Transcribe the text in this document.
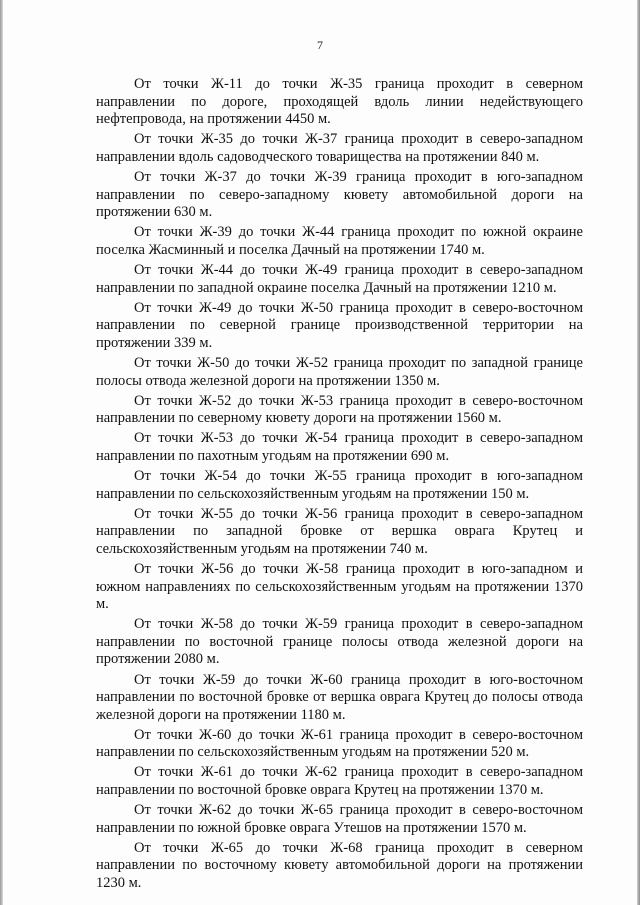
7

От точки Ж-11 до точки Ж-35 граница проходит в северном направлении по дороге, проходящей вдоль линии недействующего нефтепровода, на протяжении 4450 м.

От точки Ж-35 до точки Ж-37 граница проходит в северо-западном направлении вдоль садоводческого товарищества на протяжении 840 м.

От точки Ж-37 до точки Ж-39 граница проходит в юго-западном направлении по северо-западному кювету автомобильной дороги на протяжении 630 м.

От точки Ж-39 до точки Ж-44 граница проходит по южной окраине поселка Жасминный и поселка Дачный на протяжении 1740 м.

От точки Ж-44 до точки Ж-49 граница проходит в северо-западном направлении по западной окраине поселка Дачный на протяжении 1210 м.

От точки Ж-49 до точки Ж-50 граница проходит в северо-восточном направлении по северной границе производственной территории на протяжении 339 м.

От точки Ж-50 до точки Ж-52 граница проходит по западной границе полосы отвода железной дороги на протяжении 1350 м.

От точки Ж-52 до точки Ж-53 граница проходит в северо-восточном направлении по северному кювету дороги на протяжении 1560 м.

От точки Ж-53 до точки Ж-54 граница проходит в северо-западном направлении по пахотным угодьям на протяжении 690 м.

От точки Ж-54 до точки Ж-55 граница проходит в юго-западном направлении по сельскохозяйственным угодьям на протяжении 150 м.

От точки Ж-55 до точки Ж-56 граница проходит в северо-западном направлении по западной бровке от вершка оврага Крутец и сельскохозяйственным угодьям на протяжении 740 м.

От точки Ж-56 до точки Ж-58 граница проходит в юго-западном и южном направлениях по сельскохозяйственным угодьям на протяжении 1370 м.

От точки Ж-58 до точки Ж-59 граница проходит в северо-западном направлении по восточной границе полосы отвода железной дороги на протяжении 2080 м.

От точки Ж-59 до точки Ж-60 граница проходит в юго-восточном направлении по восточной бровке от вершка оврага Крутец до полосы отвода железной дороги на протяжении 1180 м.

От точки Ж-60 до точки Ж-61 граница проходит в северо-восточном направлении по сельскохозяйственным угодьям на протяжении 520 м.

От точки Ж-61 до точки Ж-62 граница проходит в северо-западном направлении по восточной бровке оврага Крутец на протяжении 1370 м.

От точки Ж-62 до точки Ж-65 граница проходит в северо-восточном направлении по южной бровке оврага Утешов на протяжении 1570 м.

От точки Ж-65 до точки Ж-68 граница проходит в северном направлении по восточному кювету автомобильной дороги на протяжении 1230 м.
